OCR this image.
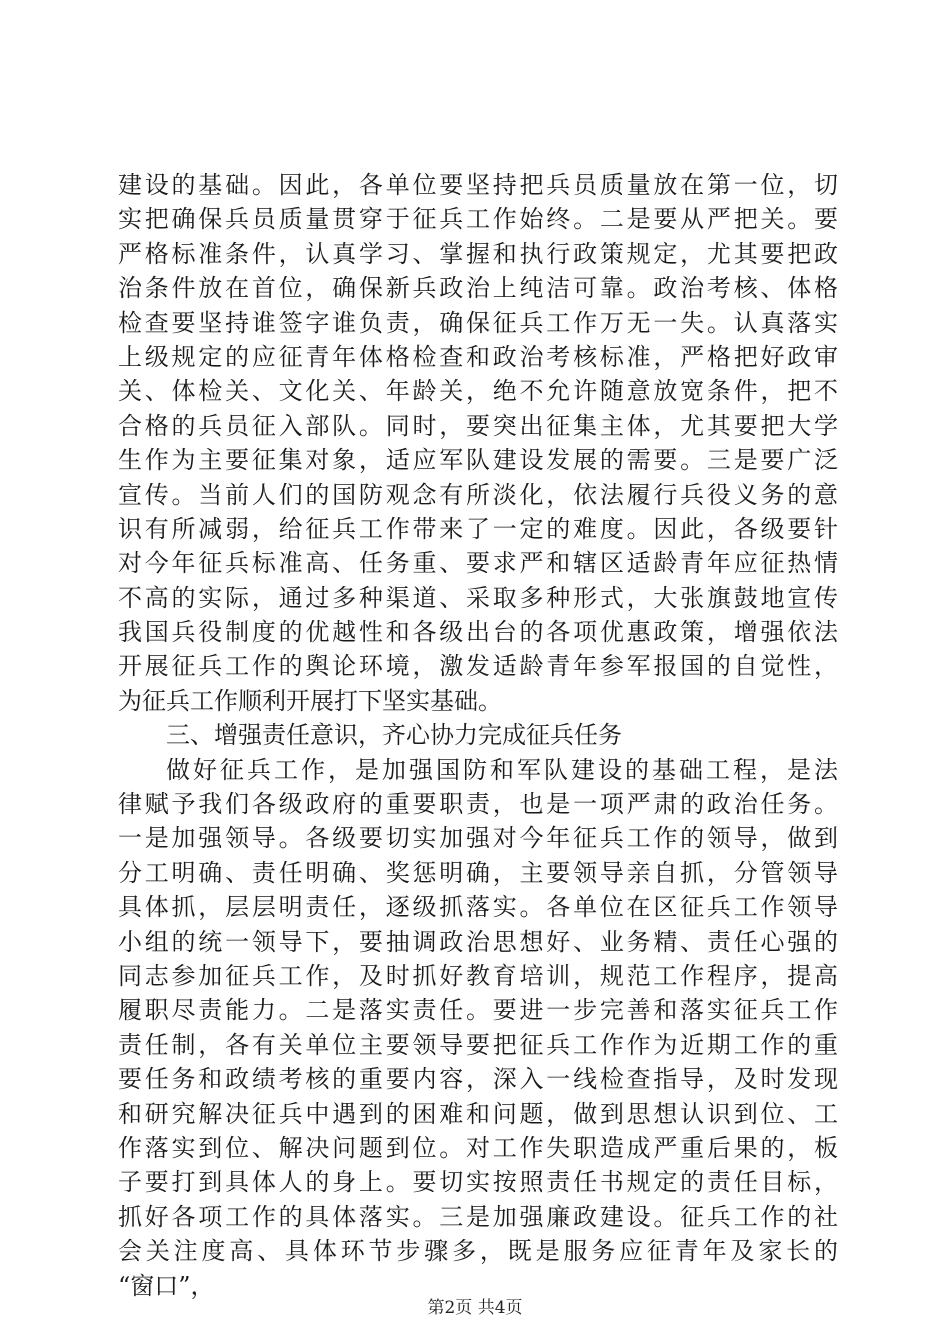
建设的基础。因此，各单位要坚持把兵员质量放在第一位，切
实把确保兵员质量贯穿于征兵工作始终。二是要从严把关。要
严格标准条件，认真学习、掌握和执行政策规定，尤其要把政
治条件放在首位，确保新兵政治上纯洁可靠。政治考核、体格
检查要坚持谁签字谁负责，确保征兵工作万无一失。认真落实
上级规定的应征青年体格检查和政治考核标准，严格把好政审
关、体检关、文化关、年龄关，绝不允许随意放宽条件，把不
合格的兵员征入部队。同时，要突出征集主体，尤其要把大学
生作为主要征集对象，适应军队建设发展的需要。三是要广泛
宣传。当前人们的国防观念有所淡化，依法履行兵役义务的意
识有所减弱，给征兵工作带来了一定的难度。因此，各级要针
对今年征兵标准高、任务重、要求严和辖区适龄青年应征热情
不高的实际，通过多种渠道、采取多种形式，大张旗鼓地宣传
我国兵役制度的优越性和各级出台的各项优惠政策，增强依法
开展征兵工作的舆论环境，激发适龄青年参军报国的自觉性，
为征兵工作顺利开展打下坚实基础。
三、增强责任意识，齐心协力完成征兵任务
做好征兵工作，是加强国防和军队建设的基础工程，是法
律赋予我们各级政府的重要职责，也是一项严肃的政治任务。
一是加强领导。各级要切实加强对今年征兵工作的领导，做到
分工明确、责任明确、奖惩明确，主要领导亲自抓，分管领导
具体抓，层层明责任，逐级抓落实。各单位在区征兵工作领导
小组的统一领导下，要抽调政治思想好、业务精、责任心强的
同志参加征兵工作，及时抓好教育培训，规范工作程序，提高
履职尽责能力。二是落实责任。要进一步完善和落实征兵工作
责任制，各有关单位主要领导要把征兵工作作为近期工作的重
要任务和政绩考核的重要内容，深入一线检查指导，及时发现
和研究解决征兵中遇到的困难和问题，做到思想认识到位、工
作落实到位、解决问题到位。对工作失职造成严重后果的，板
子要打到具体人的身上。要切实按照责任书规定的责任目标，
抓好各项工作的具体落实。三是加强廉政建设。征兵工作的社
会关注度高、具体环节步骤多，既是服务应征青年及家长的
“窗口”，
第2页 共4页
